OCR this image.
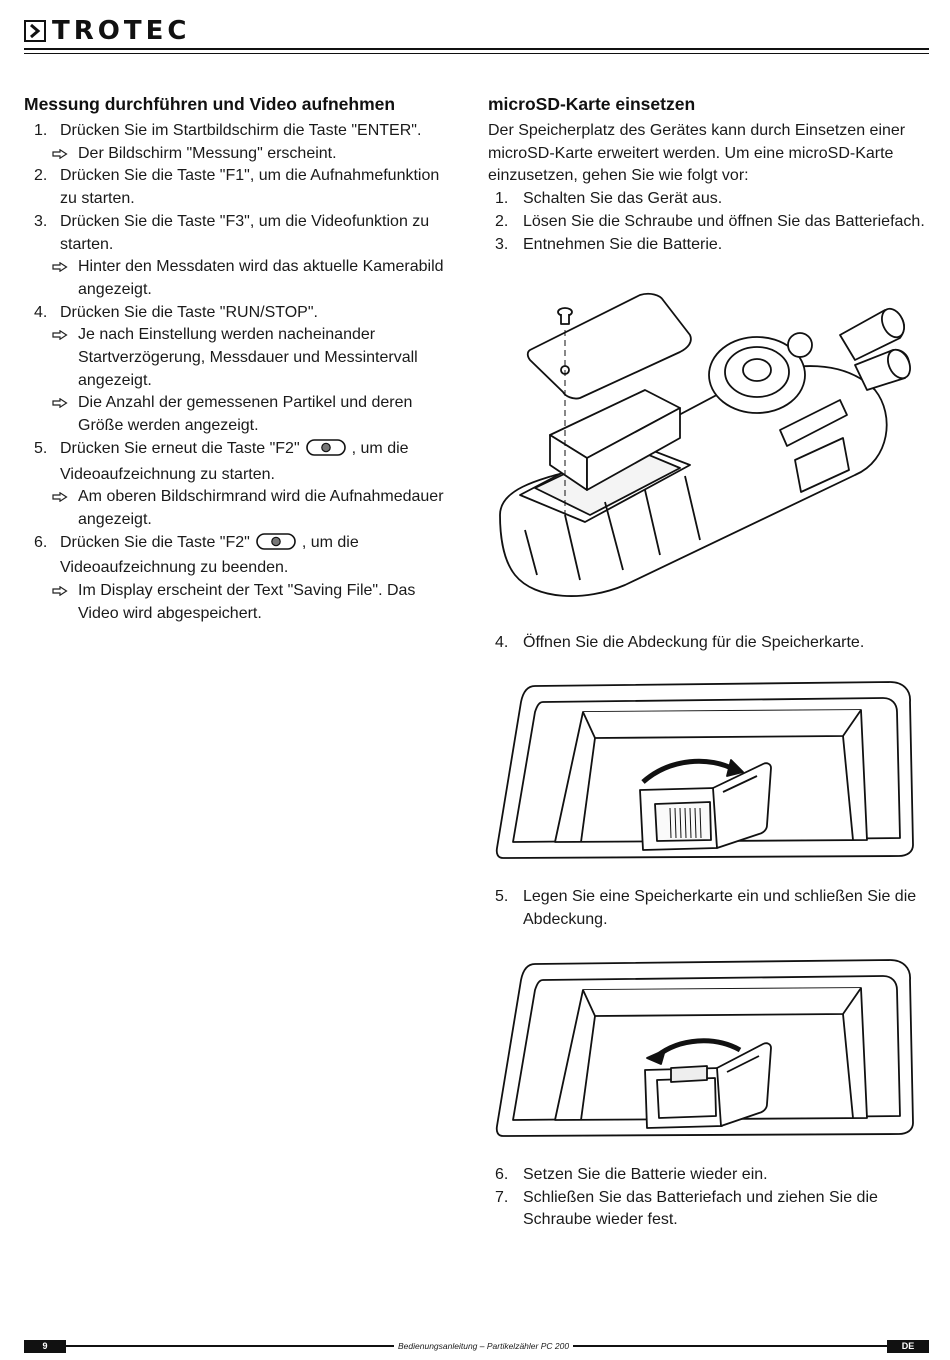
TROTEC
Messung durchführen und Video aufnehmen
1. Drücken Sie im Startbildschirm die Taste "ENTER".
Der Bildschirm "Messung" erscheint.
2. Drücken Sie die Taste "F1", um die Aufnahmefunktion zu starten.
3. Drücken Sie die Taste "F3", um die Videofunktion zu starten.
Hinter den Messdaten wird das aktuelle Kamerabild angezeigt.
4. Drücken Sie die Taste "RUN/STOP".
Je nach Einstellung werden nacheinander Startverzögerung, Messdauer und Messintervall angezeigt.
Die Anzahl der gemessenen Partikel und deren Größe werden angezeigt.
5. Drücken Sie erneut die Taste "F2"	, um die Videoaufzeichnung zu starten.
Am oberen Bildschirmrand wird die Aufnahmedauer angezeigt.
6. Drücken Sie die Taste "F2"	, um die Videoaufzeichnung zu beenden.
Im Display erscheint der Text "Saving File". Das Video wird abgespeichert.
microSD-Karte einsetzen

Der Speicherplatz des Gerätes kann durch Einsetzen einer microSD-Karte erweitert werden. Um eine microSD-Karte einzusetzen, gehen Sie wie folgt vor:

1. Schalten Sie das Gerät aus.
2. Lösen Sie die Schraube und öffnen Sie das Batteriefach.
3. Entnehmen Sie die Batterie.
4. Öffnen Sie die Abdeckung für die Speicherkarte.
5. Legen Sie eine Speicherkarte ein und schließen Sie die Abdeckung.
6. Setzen Sie die Batterie wieder ein.
7. Schließen Sie das Batteriefach und ziehen Sie die Schraube wieder fest.
9	Bedienungsanleitung – Partikelzähler PC 200	DE
